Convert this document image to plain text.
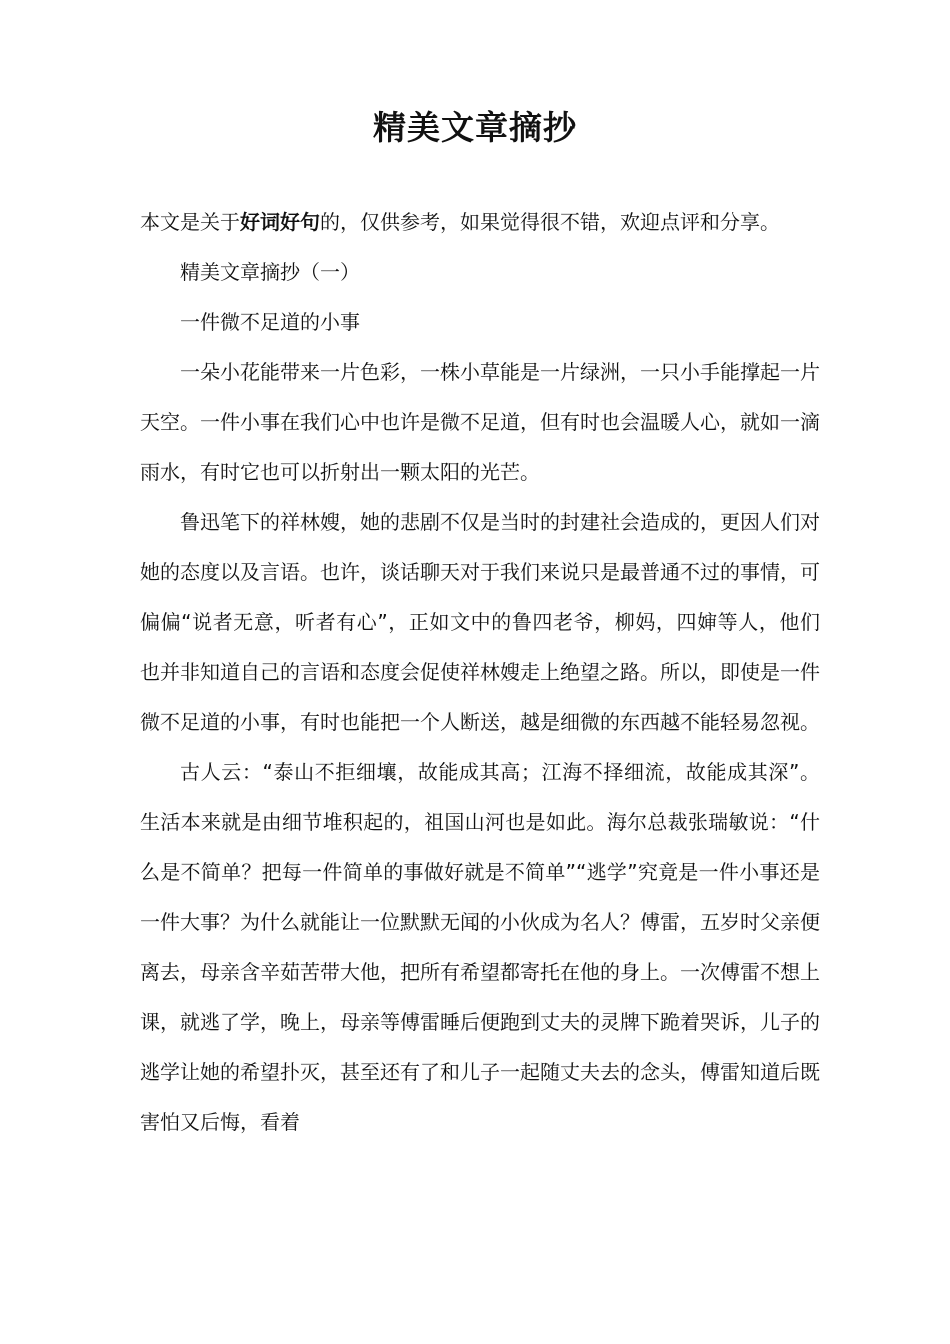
精美文章摘抄

本文是关于好词好句的，仅供参考，如果觉得很不错，欢迎点评和分享。

精美文章摘抄（一）

一件微不足道的小事

一朵小花能带来一片色彩，一株小草能是一片绿洲，一只小手能撑起一片天空。一件小事在我们心中也许是微不足道，但有时也会温暖人心，就如一滴雨水，有时它也可以折射出一颗太阳的光芒。

鲁迅笔下的祥林嫂，她的悲剧不仅是当时的封建社会造成的，更因人们对她的态度以及言语。也许，谈话聊天对于我们来说只是最普通不过的事情，可偏偏“说者无意，听者有心”，正如文中的鲁四老爷，柳妈，四婶等人，他们也并非知道自己的言语和态度会促使祥林嫂走上绝望之路。所以，即使是一件微不足道的小事，有时也能把一个人断送，越是细微的东西越不能轻易忽视。

古人云：“泰山不拒细壤，故能成其高；江海不择细流，故能成其深”。生活本来就是由细节堆积起的，祖国山河也是如此。海尔总裁张瑞敏说：“什么是不简单？把每一件简单的事做好就是不简单”“逃学”究竟是一件小事还是一件大事？为什么就能让一位默默无闻的小伙成为名人？傅雷，五岁时父亲便离去，母亲含辛茹苦带大他，把所有希望都寄托在他的身上。一次傅雷不想上课，就逃了学，晚上，母亲等傅雷睡后便跑到丈夫的灵牌下跪着哭诉，儿子的逃学让她的希望扑灭，甚至还有了和儿子一起随丈夫去的念头，傅雷知道后既害怕又后悔，看着
